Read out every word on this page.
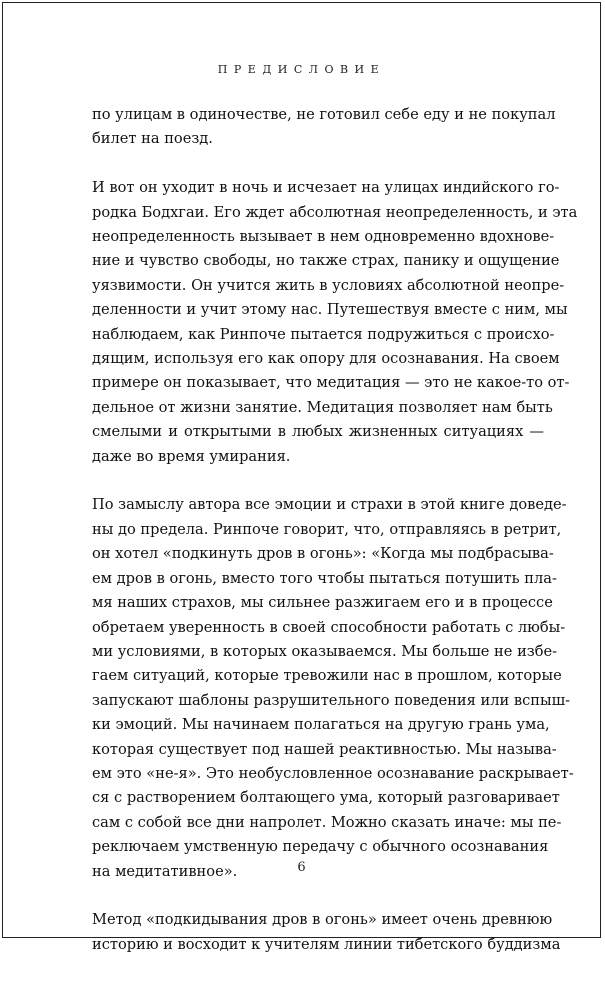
ПРЕДИСЛОВИЕ
по улицам в одиночестве, не готовил себе еду и не покупал
билет на поезд.
И вот он уходит в ночь и исчезает на улицах индийского го-
родка Бодхгаи. Его ждет абсолютная неопределенность, и эта
неопределенность вызывает в нем одновременно вдохнове-
ние и чувство свободы, но также страх, панику и ощущение
уязвимости. Он учится жить в условиях абсолютной неопре-
деленности и учит этому нас. Путешествуя вместе с ним, мы
наблюдаем, как Ринпоче пытается подружиться с происхо-
дящим, используя его как опору для осознавания. На своем
примере он показывает, что медитация — это не какое-то от-
дельное от жизни занятие. Медитация позволяет нам быть
смелыми и открытыми в любых жизненных ситуациях —
даже во время умирания.
По замыслу автора все эмоции и страхи в этой книге доведе-
ны до предела. Ринпоче говорит, что, отправляясь в ретрит,
он хотел «подкинуть дров в огонь»: «Когда мы подбрасыва-
ем дров в огонь, вместо того чтобы пытаться потушить пла-
мя наших страхов, мы сильнее разжигаем его и в процессе
обретаем уверенность в своей способности работать с любы-
ми условиями, в которых оказываемся. Мы больше не избе-
гаем ситуаций, которые тревожили нас в прошлом, которые
запускают шаблоны разрушительного поведения или вспыш-
ки эмоций. Мы начинаем полагаться на другую грань ума,
которая существует под нашей реактивностью. Мы называ-
ем это «не-я». Это необусловленное осознавание раскрывает-
ся с растворением болтающего ума, который разговаривает
сам с собой все дни напролет. Можно сказать иначе: мы пе-
реключаем умственную передачу с обычного осознавания
на медитативное».
Метод «подкидывания дров в огонь» имеет очень древнюю
историю и восходит к учителям линии тибетского буддизма
6
